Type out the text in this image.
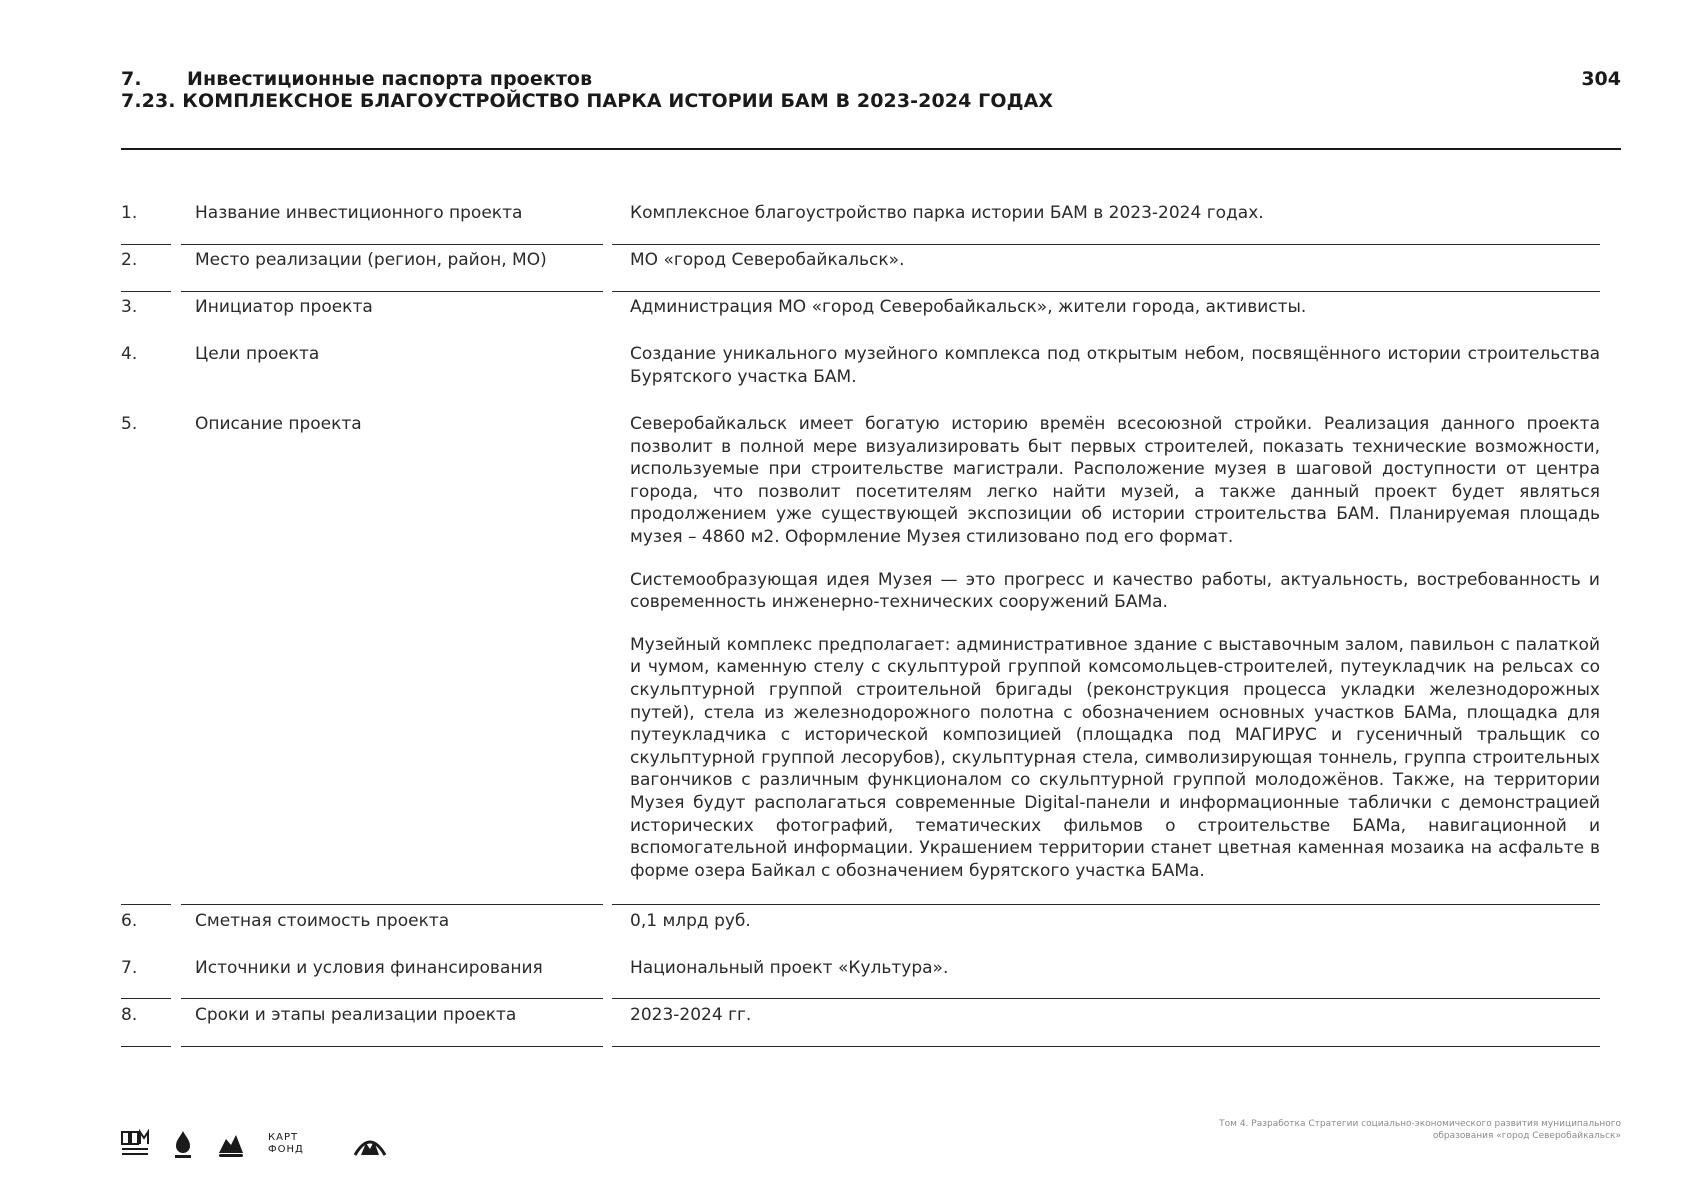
7. Инвестиционные паспорта проектов
7.23. КОМПЛЕКСНОЕ БЛАГОУСТРОЙСТВО ПАРКА ИСТОРИИ БАМ В 2023-2024 ГОДАХ
304
1.	Название инвестиционного проекта	Комплексное благоустройство парка истории БАМ в 2023-2024 годах.

2.	Место реализации (регион, район, МО)	МО «город Северобайкальск».

3.	Инициатор проекта	Администрация МО «город Северобайкальск», жители города, активисты.

4.	Цели проекта	Создание уникального музейного комплекса под открытым небом, посвящённого истории строительства Бурятского участка БАМ.

5.	Описание проекта	Северобайкальск имеет богатую историю времён всесоюзной стройки. Реализация данного проекта позволит в полной мере визуализировать быт первых строителей, показать технические возможности, используемые при строительстве магистрали. Расположение музея в шаговой доступности от центра города, что позволит посетителям легко найти музей, а также данный проект будет являться продолжением уже существующей экспозиции об истории строительства БАМ. Планируемая площадь музея – 4860 м2. Оформление Музея стилизовано под его формат.

Системообразующая идея Музея — это прогресс и качество работы, актуальность, востребованность и современность инженерно-технических сооружений БАМа.

Музейный комплекс предполагает: административное здание с выставочным залом, павильон с палаткой и чумом, каменную стелу с скульптурой группой комсомольцев-строителей, путеукладчик на рельсах со скульптурной группой строительной бригады (реконструкция процесса укладки железнодорожных путей), стела из железнодорожного полотна с обозначением основных участков БАМа, площадка для путеукладчика с исторической композицией (площадка под МАГИРУС и гусеничный тральщик со скульптурной группой лесорубов), скульптурная стела, символизирующая тоннель, группа строительных вагончиков с различным функционалом со скульптурной группой молодожёнов. Также, на территории Музея будут располагаться современные Digital-панели и информационные таблички с демонстрацией исторических фотографий, тематических фильмов о строительстве БАМа, навигационной и вспомогательной информации. Украшением территории станет цветная каменная мозаика на асфальте в форме озера Байкал с обозначением бурятского участка БАМа.

6.	Сметная стоимость проекта	0,1 млрд руб.

7.	Источники и условия финансирования	Национальный проект «Культура».

8.	Сроки и этапы реализации проекта	2023-2024 гг.

КАРТ ФОНД
Том 4. Разработка Стратегии социально-экономического развития муниципального образования «город Северобайкальск»
